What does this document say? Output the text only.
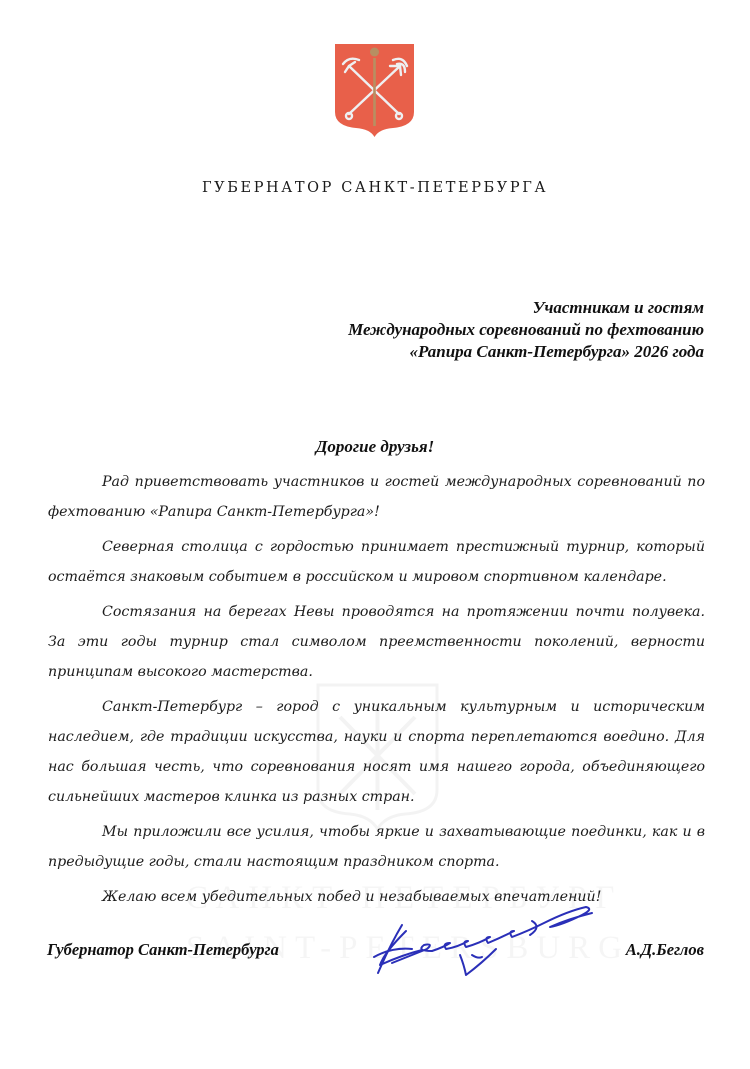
ГУБЕРНАТОР САНКТ-ПЕТЕРБУРГА
Участникам и гостям
Международных соревнований по фехтованию
«Рапира Санкт-Петербурга» 2026 года
Дорогие друзья!

Рад приветствовать участников и гостей международных соревнований по фехтованию «Рапира Санкт-Петербурга»!

Северная столица с гордостью принимает престижный турнир, который остаётся знаковым событием в российском и мировом спортивном календаре.

Состязания на берегах Невы проводятся на протяжении почти полувека. За эти годы турнир стал символом преемственности поколений, верности принципам высокого мастерства.

Санкт-Петербург – город с уникальным культурным и историческим наследием, где традиции искусства, науки и спорта переплетаются воедино. Для нас большая честь, что соревнования носят имя нашего города, объединяющего сильнейших мастеров клинка из разных стран.

Мы приложили все усилия, чтобы яркие и захватывающие поединки, как и в предыдущие годы, стали настоящим праздником спорта.

Желаю всем убедительных побед и незабываемых впечатлений!

Губернатор Санкт-Петербурга	А.Д.Беглов
